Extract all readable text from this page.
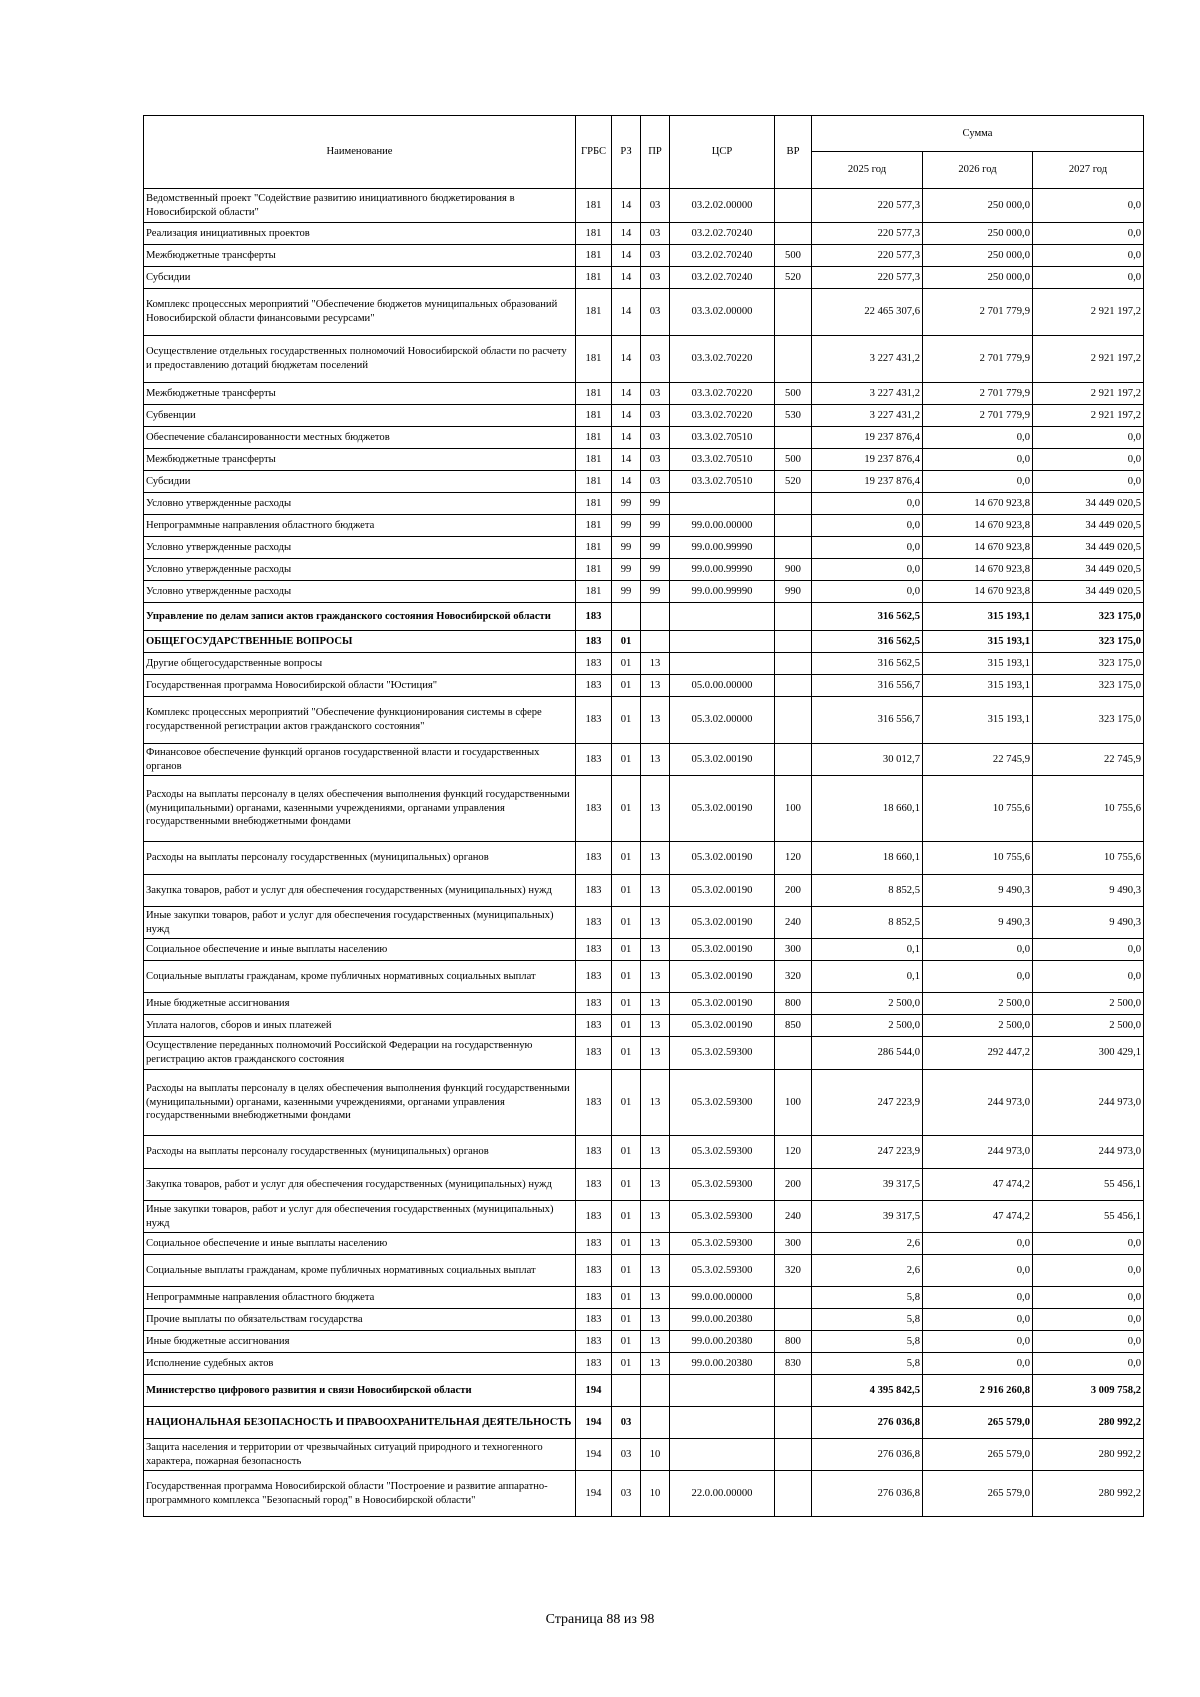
Наименование	ГРБС	РЗ	ПР	ЦСР	ВР	Сумма		
						2025 год	2026 год	2027 год
Ведомственный проект "Содействие развитию инициативного бюджетирования в Новосибирской области"	181	14	03	03.2.02.00000		220 577,3	250 000,0	0,0
Реализация инициативных проектов	181	14	03	03.2.02.70240		220 577,3	250 000,0	0,0
Межбюджетные трансферты	181	14	03	03.2.02.70240	500	220 577,3	250 000,0	0,0
Субсидии	181	14	03	03.2.02.70240	520	220 577,3	250 000,0	0,0
Комплекс процессных мероприятий "Обеспечение бюджетов муниципальных образований Новосибирской области финансовыми ресурсами"	181	14	03	03.3.02.00000		22 465 307,6	2 701 779,9	2 921 197,2
Осуществление отдельных государственных полномочий Новосибирской области по расчету и предоставлению дотаций бюджетам поселений	181	14	03	03.3.02.70220		3 227 431,2	2 701 779,9	2 921 197,2
Межбюджетные трансферты	181	14	03	03.3.02.70220	500	3 227 431,2	2 701 779,9	2 921 197,2
Субвенции	181	14	03	03.3.02.70220	530	3 227 431,2	2 701 779,9	2 921 197,2
Обеспечение сбалансированности местных бюджетов	181	14	03	03.3.02.70510		19 237 876,4	0,0	0,0
Межбюджетные трансферты	181	14	03	03.3.02.70510	500	19 237 876,4	0,0	0,0
Субсидии	181	14	03	03.3.02.70510	520	19 237 876,4	0,0	0,0
Условно утвержденные расходы	181	99	99			0,0	14 670 923,8	34 449 020,5
Непрограммные направления областного бюджета	181	99	99	99.0.00.00000		0,0	14 670 923,8	34 449 020,5
Условно утвержденные расходы	181	99	99	99.0.00.99990		0,0	14 670 923,8	34 449 020,5
Условно утвержденные расходы	181	99	99	99.0.00.99990	900	0,0	14 670 923,8	34 449 020,5
Условно утвержденные расходы	181	99	99	99.0.00.99990	990	0,0	14 670 923,8	34 449 020,5
Управление по делам записи актов гражданского состояния Новосибирской области	183					316 562,5	315 193,1	323 175,0
ОБЩЕГОСУДАРСТВЕННЫЕ ВОПРОСЫ	183	01				316 562,5	315 193,1	323 175,0
Другие общегосударственные вопросы	183	01	13			316 562,5	315 193,1	323 175,0
Государственная программа Новосибирской области "Юстиция"	183	01	13	05.0.00.00000		316 556,7	315 193,1	323 175,0
Комплекс процессных мероприятий "Обеспечение функционирования системы в сфере государственной регистрации актов гражданского состояния"	183	01	13	05.3.02.00000		316 556,7	315 193,1	323 175,0
Финансовое обеспечение функций органов государственной власти и государственных органов	183	01	13	05.3.02.00190		30 012,7	22 745,9	22 745,9
Расходы на выплаты персоналу в целях обеспечения выполнения функций государственными (муниципальными) органами, казенными учреждениями, органами управления государственными внебюджетными фондами	183	01	13	05.3.02.00190	100	18 660,1	10 755,6	10 755,6
Расходы на выплаты персоналу государственных (муниципальных) органов	183	01	13	05.3.02.00190	120	18 660,1	10 755,6	10 755,6
Закупка товаров, работ и услуг для обеспечения государственных (муниципальных) нужд	183	01	13	05.3.02.00190	200	8 852,5	9 490,3	9 490,3
Иные закупки товаров, работ и услуг для обеспечения государственных (муниципальных) нужд	183	01	13	05.3.02.00190	240	8 852,5	9 490,3	9 490,3
Социальное обеспечение и иные выплаты населению	183	01	13	05.3.02.00190	300	0,1	0,0	0,0
Социальные выплаты гражданам, кроме публичных нормативных социальных выплат	183	01	13	05.3.02.00190	320	0,1	0,0	0,0
Иные бюджетные ассигнования	183	01	13	05.3.02.00190	800	2 500,0	2 500,0	2 500,0
Уплата налогов, сборов и иных платежей	183	01	13	05.3.02.00190	850	2 500,0	2 500,0	2 500,0
Осуществление переданных полномочий Российской Федерации на государственную регистрацию актов гражданского состояния	183	01	13	05.3.02.59300		286 544,0	292 447,2	300 429,1
Расходы на выплаты персоналу в целях обеспечения выполнения функций государственными (муниципальными) органами, казенными учреждениями, органами управления государственными внебюджетными фондами	183	01	13	05.3.02.59300	100	247 223,9	244 973,0	244 973,0
Расходы на выплаты персоналу государственных (муниципальных) органов	183	01	13	05.3.02.59300	120	247 223,9	244 973,0	244 973,0
Закупка товаров, работ и услуг для обеспечения государственных (муниципальных) нужд	183	01	13	05.3.02.59300	200	39 317,5	47 474,2	55 456,1
Иные закупки товаров, работ и услуг для обеспечения государственных (муниципальных) нужд	183	01	13	05.3.02.59300	240	39 317,5	47 474,2	55 456,1
Социальное обеспечение и иные выплаты населению	183	01	13	05.3.02.59300	300	2,6	0,0	0,0
Социальные выплаты гражданам, кроме публичных нормативных социальных выплат	183	01	13	05.3.02.59300	320	2,6	0,0	0,0
Непрограммные направления областного бюджета	183	01	13	99.0.00.00000		5,8	0,0	0,0
Прочие выплаты по обязательствам государства	183	01	13	99.0.00.20380		5,8	0,0	0,0
Иные бюджетные ассигнования	183	01	13	99.0.00.20380	800	5,8	0,0	0,0
Исполнение судебных актов	183	01	13	99.0.00.20380	830	5,8	0,0	0,0
Министерство цифрового развития и связи Новосибирской области	194					4 395 842,5	2 916 260,8	3 009 758,2
НАЦИОНАЛЬНАЯ БЕЗОПАСНОСТЬ И ПРАВООХРАНИТЕЛЬНАЯ ДЕЯТЕЛЬНОСТЬ	194	03				276 036,8	265 579,0	280 992,2
Защита населения и территории от чрезвычайных ситуаций природного и техногенного характера, пожарная безопасность	194	03	10			276 036,8	265 579,0	280 992,2
Государственная программа Новосибирской области "Построение и развитие аппаратно-программного комплекса "Безопасный город" в Новосибирской области"	194	03	10	22.0.00.00000		276 036,8	265 579,0	280 992,2
Страница 88 из 98
